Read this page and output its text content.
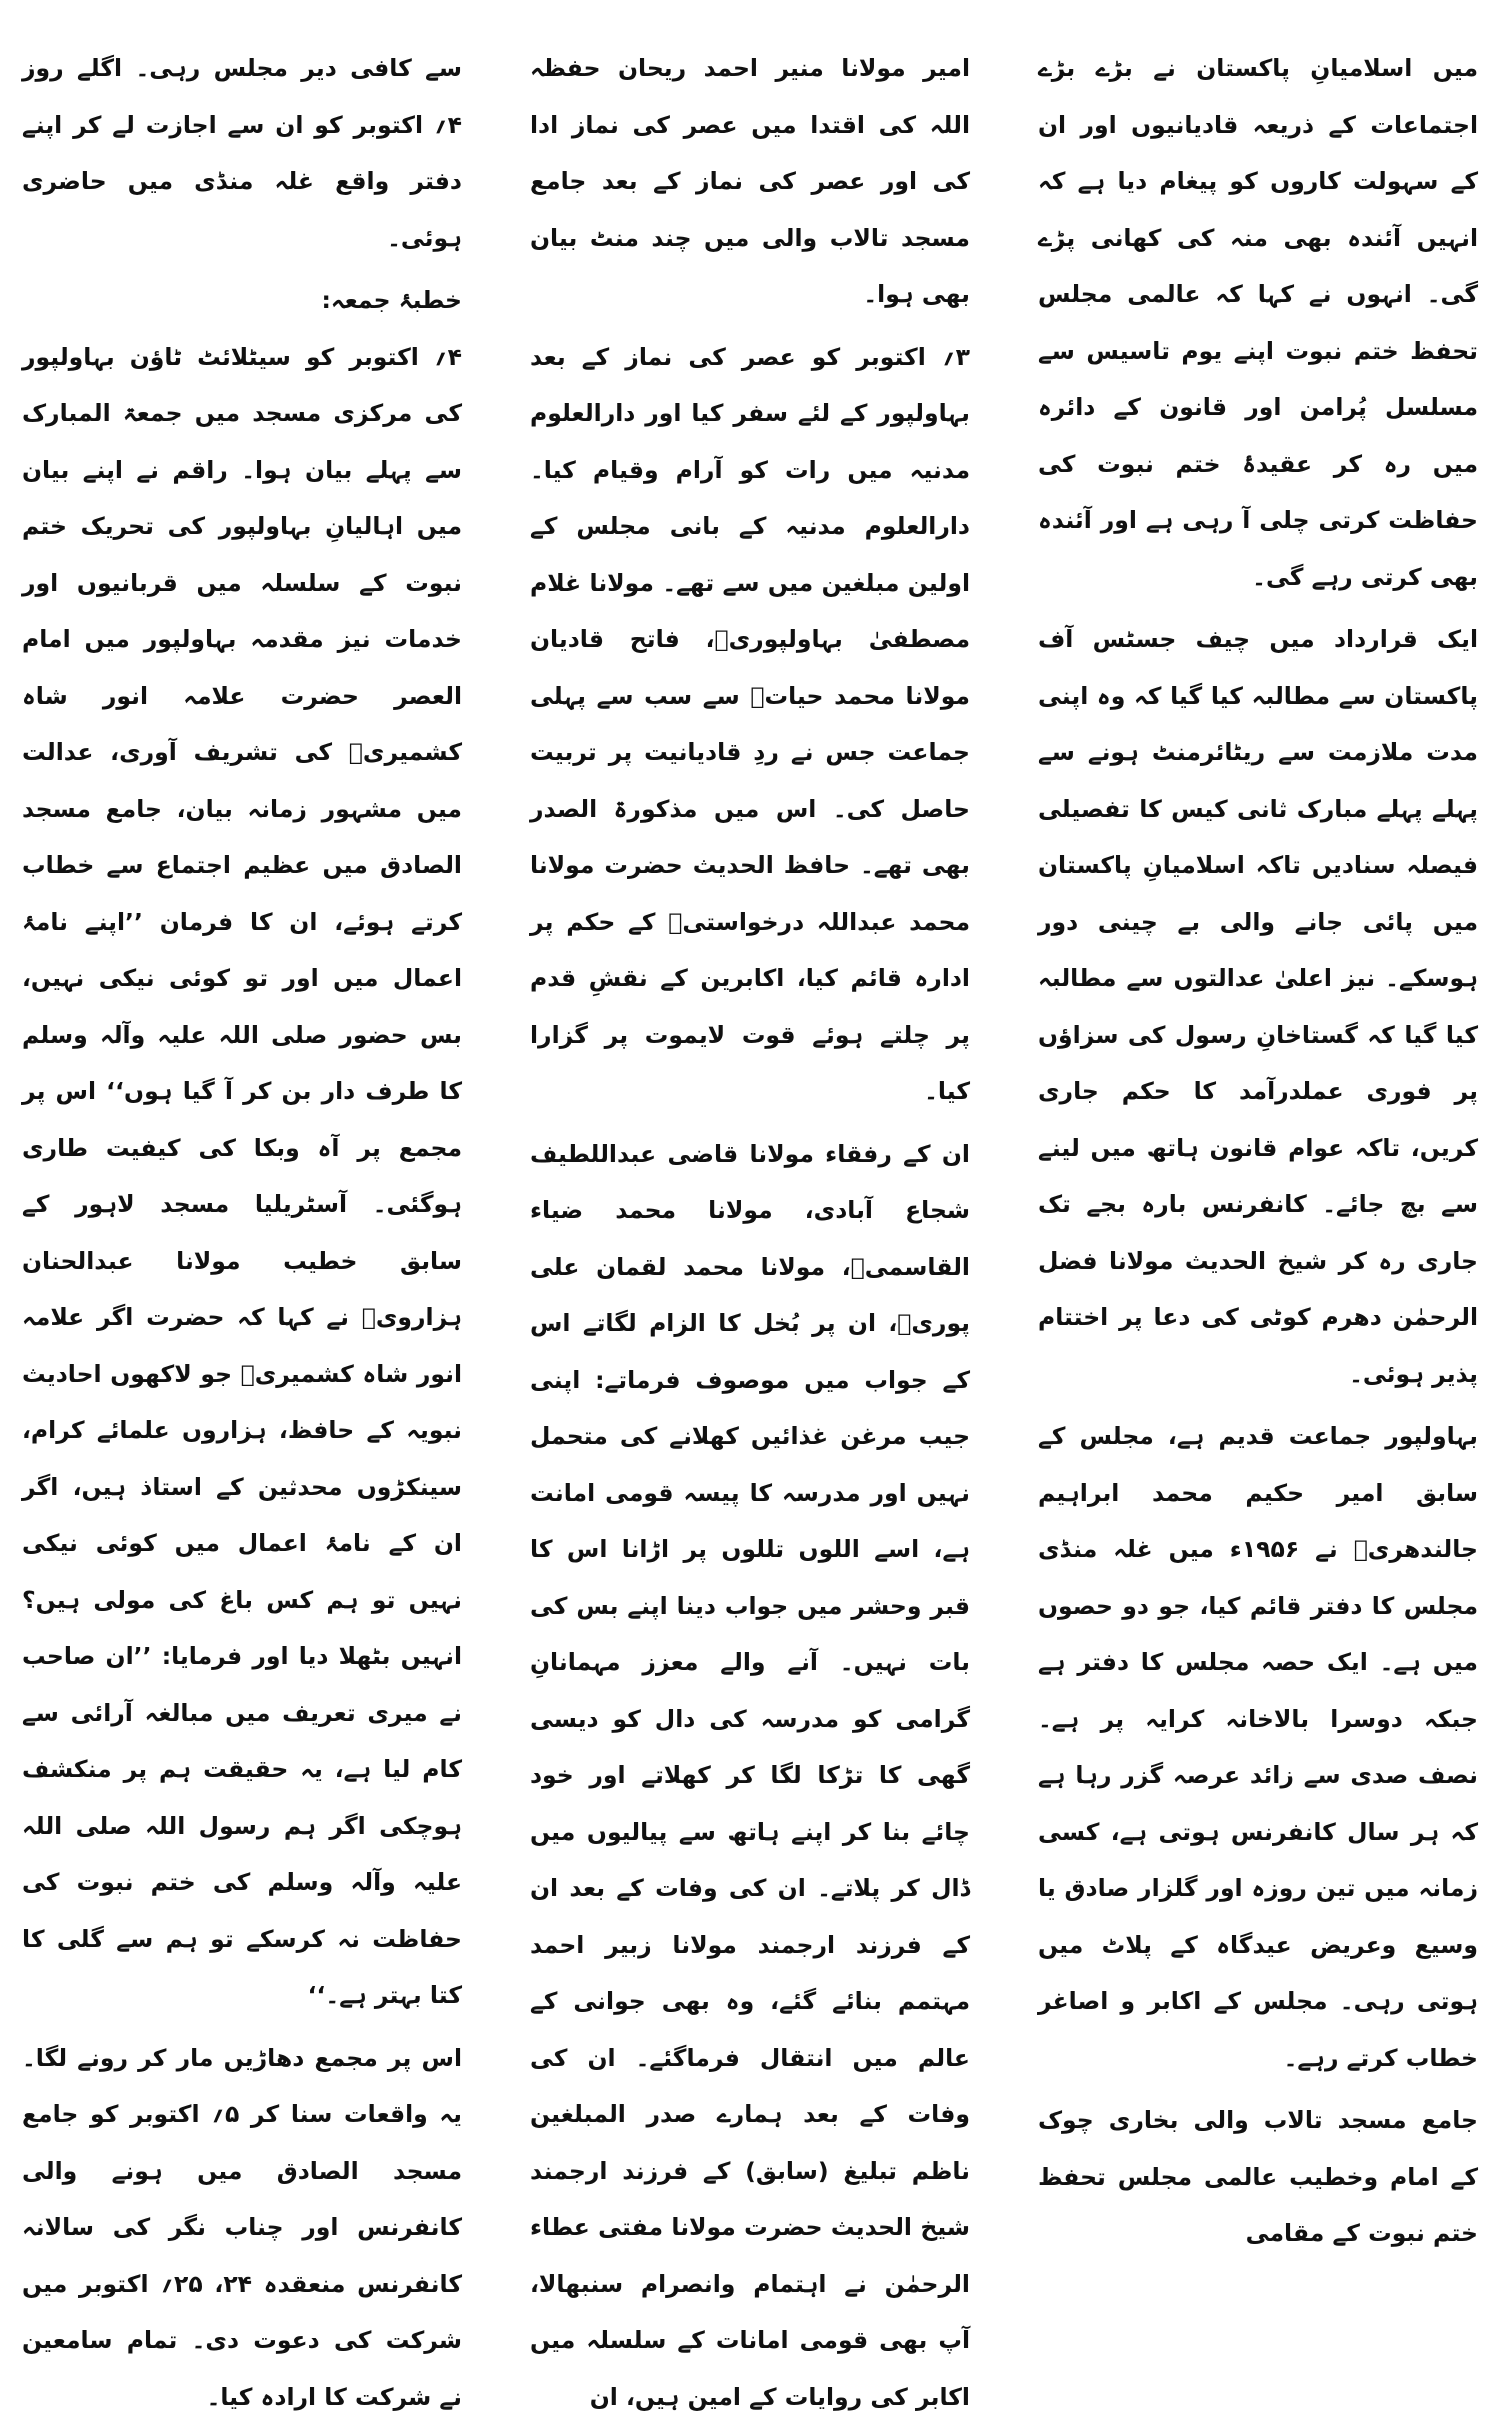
میں اسلامیانِ پاکستان نے بڑے بڑے اجتماعات کے ذریعہ قادیانیوں اور ان کے سہولت کاروں کو پیغام دیا ہے کہ انہیں آئندہ بھی منہ کی کھانی پڑے گی۔ انہوں نے کہا کہ عالمی مجلس تحفظ ختم نبوت اپنے یوم تاسیس سے مسلسل پُرامن اور قانون کے دائرہ میں رہ کر عقیدۂ ختم نبوت کی حفاظت کرتی چلی آ رہی ہے اور آئندہ بھی کرتی رہے گی۔
ایک قرارداد میں چیف جسٹس آف پاکستان سے مطالبہ کیا گیا کہ وہ اپنی مدت ملازمت سے ریٹائرمنٹ ہونے سے پہلے پہلے مبارک ثانی کیس کا تفصیلی فیصلہ سنادیں تاکہ اسلامیانِ پاکستان میں پائی جانے والی بے چینی دور ہوسکے۔ نیز اعلیٰ عدالتوں سے مطالبہ کیا گیا کہ گستاخانِ رسول کی سزاؤں پر فوری عملدرآمد کا حکم جاری کریں، تاکہ عوام قانون ہاتھ میں لینے سے بچ جائے۔ کانفرنس بارہ بجے تک جاری رہ کر شیخ الحدیث مولانا فضل الرحمٰن دھرم کوٹی کی دعا پر اختتام پذیر ہوئی۔
بہاولپور جماعت قدیم ہے، مجلس کے سابق امیر حکیم محمد ابراہیم جالندھریؒ نے ۱۹۵۶ء میں غلہ منڈی مجلس کا دفتر قائم کیا، جو دو حصوں میں ہے۔ ایک حصہ مجلس کا دفتر ہے جبکہ دوسرا بالاخانہ کرایہ پر ہے۔ نصف صدی سے زائد عرصہ گزر رہا ہے کہ ہر سال کانفرنس ہوتی ہے، کسی زمانہ میں تین روزہ اور گلزار صادق یا وسیع وعریض عیدگاہ کے پلاٹ میں ہوتی رہی۔ مجلس کے اکابر و اصاغر خطاب کرتے رہے۔
جامع مسجد تالاب والی بخاری چوک کے امام وخطیب عالمی مجلس تحفظ ختم نبوت کے مقامی
امیر مولانا منیر احمد ریحان حفظہ اللہ کی اقتدا میں عصر کی نماز ادا کی اور عصر کی نماز کے بعد جامع مسجد تالاب والی میں چند منٹ بیان بھی ہوا۔
۳؍ اکتوبر کو عصر کی نماز کے بعد بہاولپور کے لئے سفر کیا اور دارالعلوم مدنیہ میں رات کو آرام وقیام کیا۔ دارالعلوم مدنیہ کے بانی مجلس کے اولین مبلغین میں سے تھے۔ مولانا غلام مصطفیٰ بہاولپوریؒ، فاتح قادیان مولانا محمد حیاتؒ سے سب سے پہلی جماعت جس نے ردِ قادیانیت پر تربیت حاصل کی۔ اس میں مذکورۃ الصدر بھی تھے۔ حافظ الحدیث حضرت مولانا محمد عبداللہ درخواستیؒ کے حکم پر ادارہ قائم کیا، اکابرین کے نقشِ قدم پر چلتے ہوئے قوت لایموت پر گزارا کیا۔
ان کے رفقاء مولانا قاضی عبداللطیف شجاع آبادی، مولانا محمد ضیاء القاسمیؒ، مولانا محمد لقمان علی پوریؒ، ان پر بُخل کا الزام لگاتے اس کے جواب میں موصوف فرماتے: اپنی جیب مرغن غذائیں کھلانے کی متحمل نہیں اور مدرسہ کا پیسہ قومی امانت ہے، اسے اللوں تللوں پر اڑانا اس کا قبر وحشر میں جواب دینا اپنے بس کی بات نہیں۔ آنے والے معزز مہمانانِ گرامی کو مدرسہ کی دال کو دیسی گھی کا تڑکا لگا کر کھلاتے اور خود چائے بنا کر اپنے ہاتھ سے پیالیوں میں ڈال کر پلاتے۔ ان کی وفات کے بعد ان کے فرزند ارجمند مولانا زبیر احمد مہتمم بنائے گئے، وہ بھی جوانی کے عالم میں انتقال فرماگئے۔ ان کی وفات کے بعد ہمارے صدر المبلغین ناظم تبلیغ (سابق) کے فرزند ارجمند شیخ الحدیث حضرت مولانا مفتی عطاء الرحمٰن نے اہتمام وانصرام سنبھالا، آپ بھی قومی امانات کے سلسلہ میں اکابر کی روایات کے امین ہیں، ان
سے کافی دیر مجلس رہی۔ اگلے روز ۴؍ اکتوبر کو ان سے اجازت لے کر اپنے دفتر واقع غلہ منڈی میں حاضری ہوئی۔
خطبۂ جمعہ:
۴؍ اکتوبر کو سیٹلائٹ ٹاؤن بہاولپور کی مرکزی مسجد میں جمعۃ المبارک سے پہلے بیان ہوا۔ راقم نے اپنے بیان میں اہالیانِ بہاولپور کی تحریک ختم نبوت کے سلسلہ میں قربانیوں اور خدمات نیز مقدمہ بہاولپور میں امام العصر حضرت علامہ انور شاہ کشمیریؒ کی تشریف آوری، عدالت میں مشہور زمانہ بیان، جامع مسجد الصادق میں عظیم اجتماع سے خطاب کرتے ہوئے، ان کا فرمان ’’اپنے نامۂ اعمال میں اور تو کوئی نیکی نہیں، بس حضور صلی اللہ علیہ وآلہ وسلم کا طرف دار بن کر آ گیا ہوں‘‘ اس پر مجمع پر آہ وبکا کی کیفیت طاری ہوگئی۔ آسٹریلیا مسجد لاہور کے سابق خطیب مولانا عبدالحنان ہزارویؒ نے کہا کہ حضرت اگر علامہ انور شاہ کشمیریؒ جو لاکھوں احادیث نبویہ کے حافظ، ہزاروں علمائے کرام، سینکڑوں محدثین کے استاذ ہیں، اگر ان کے نامۂ اعمال میں کوئی نیکی نہیں تو ہم کس باغ کی مولی ہیں؟ انہیں بٹھلا دیا اور فرمایا: ’’ان صاحب نے میری تعریف میں مبالغہ آرائی سے کام لیا ہے، یہ حقیقت ہم پر منکشف ہوچکی اگر ہم رسول اللہ صلی اللہ علیہ وآلہ وسلم کی ختم نبوت کی حفاظت نہ کرسکے تو ہم سے گلی کا کتا بہتر ہے۔‘‘
اس پر مجمع دھاڑیں مار کر رونے لگا۔ یہ واقعات سنا کر ۵؍ اکتوبر کو جامع مسجد الصادق میں ہونے والی کانفرنس اور چناب نگر کی سالانہ کانفرنس منعقدہ ۲۴، ۲۵؍ اکتوبر میں شرکت کی دعوت دی۔ تمام سامعین نے شرکت کا ارادہ کیا۔
